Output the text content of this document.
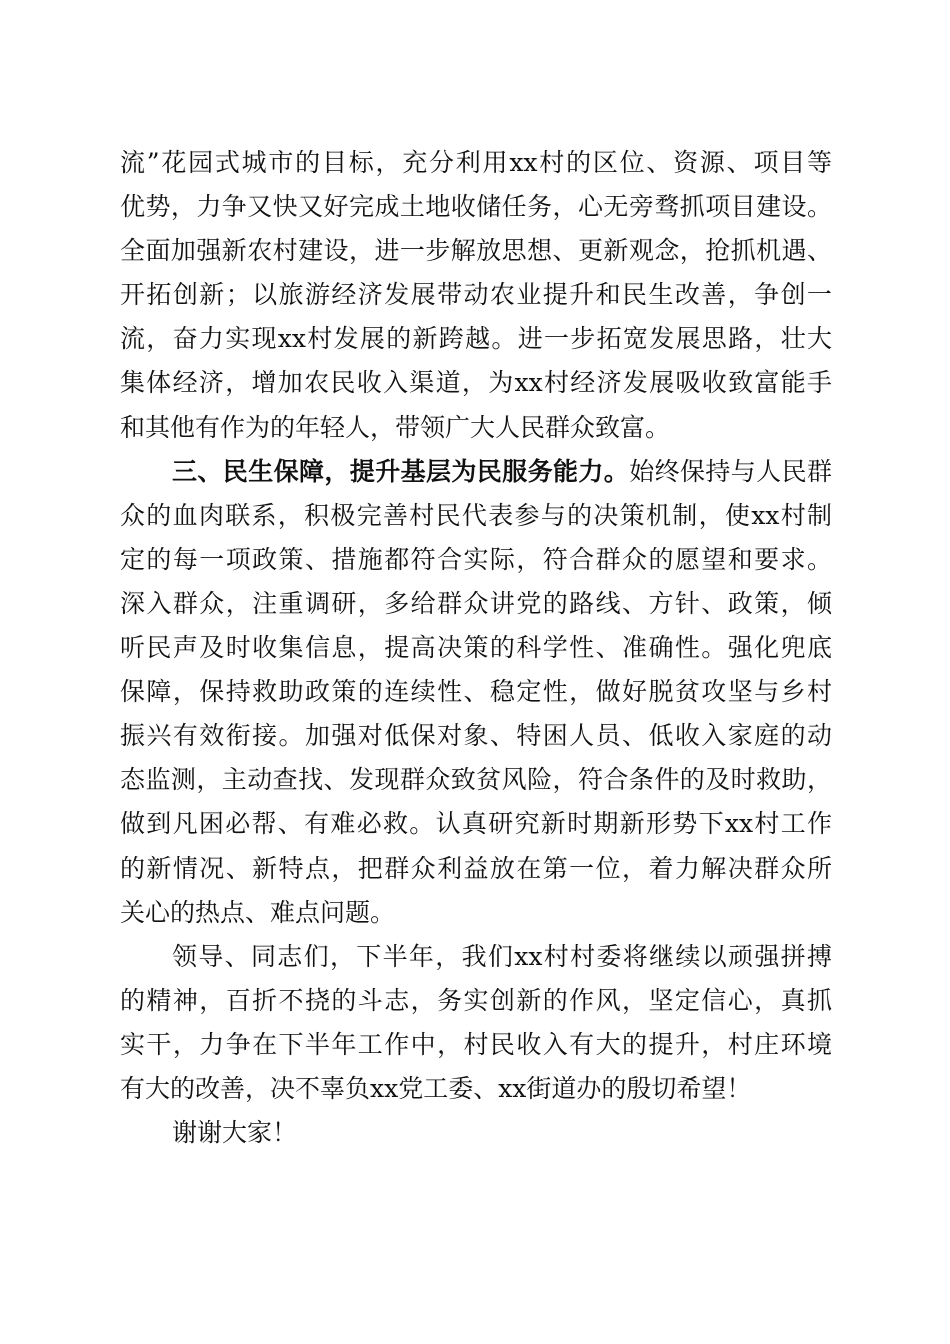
流”花园式城市的目标，充分利用xx村的区位、资源、项目等
优势，力争又快又好完成土地收储任务，心无旁骛抓项目建设。
全面加强新农村建设，进一步解放思想、更新观念，抢抓机遇、
开拓创新；以旅游经济发展带动农业提升和民生改善，争创一
流，奋力实现xx村发展的新跨越。进一步拓宽发展思路，壮大
集体经济，增加农民收入渠道，为xx村经济发展吸收致富能手
和其他有作为的年轻人，带领广大人民群众致富。
三、民生保障，提升基层为民服务能力。始终保持与人民群
众的血肉联系，积极完善村民代表参与的决策机制，使xx村制
定的每一项政策、措施都符合实际，符合群众的愿望和要求。
深入群众，注重调研，多给群众讲党的路线、方针、政策，倾
听民声及时收集信息，提高决策的科学性、准确性。强化兜底
保障，保持救助政策的连续性、稳定性，做好脱贫攻坚与乡村
振兴有效衔接。加强对低保对象、特困人员、低收入家庭的动
态监测，主动查找、发现群众致贫风险，符合条件的及时救助，
做到凡困必帮、有难必救。认真研究新时期新形势下xx村工作
的新情况、新特点，把群众利益放在第一位，着力解决群众所
关心的热点、难点问题。
领导、同志们，下半年，我们xx村村委将继续以顽强拼搏
的精神，百折不挠的斗志，务实创新的作风，坚定信心，真抓
实干，力争在下半年工作中，村民收入有大的提升，村庄环境
有大的改善，决不辜负xx党工委、xx街道办的殷切希望！
谢谢大家！
